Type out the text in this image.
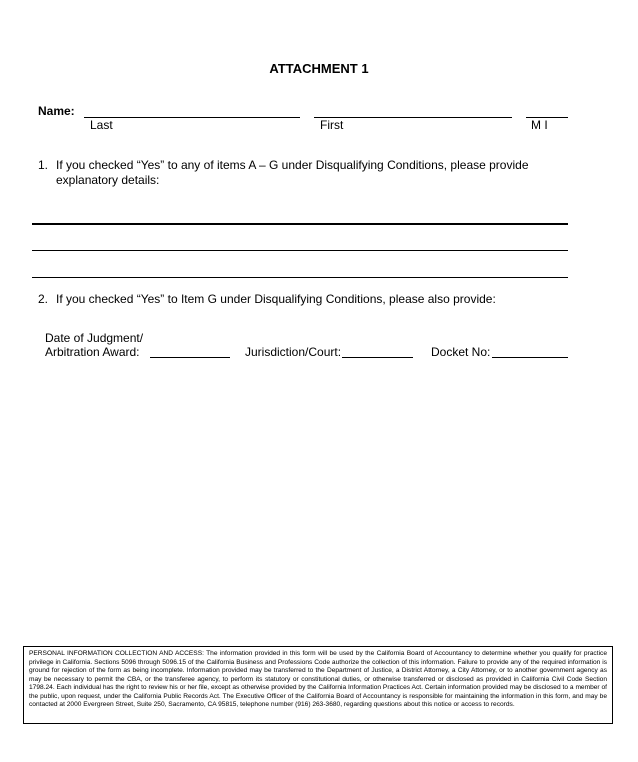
ATTACHMENT 1
Name:
Last	First	M I
1. If you checked “Yes” to any of items A – G under Disqualifying Conditions, please provide explanatory details:
2. If you checked “Yes” to Item G under Disqualifying Conditions, please also provide:
Date of Judgment/
Arbitration Award:	Jurisdiction/Court:	Docket No:
PERSONAL INFORMATION COLLECTION AND ACCESS: The information provided in this form will be used by the California Board of Accountancy to determine whether you qualify for practice privilege in California. Sections 5096 through 5096.15 of the California Business and Professions Code authorize the collection of this information. Failure to provide any of the required information is ground for rejection of the form as being incomplete. Information provided may be transferred to the Department of Justice, a District Attorney, a City Attorney, or to another government agency as may be necessary to permit the CBA, or the transferee agency, to perform its statutory or constitutional duties, or otherwise transferred or disclosed as provided in California Civil Code Section 1798.24. Each individual has the right to review his or her file, except as otherwise provided by the California Information Practices Act. Certain information provided may be disclosed to a member of the public, upon request, under the California Public Records Act. The Executive Officer of the California Board of Accountancy is responsible for maintaining the information in this form, and may be contacted at 2000 Evergreen Street, Suite 250, Sacramento, CA 95815, telephone number (916) 263-3680, regarding questions about this notice or access to records.
